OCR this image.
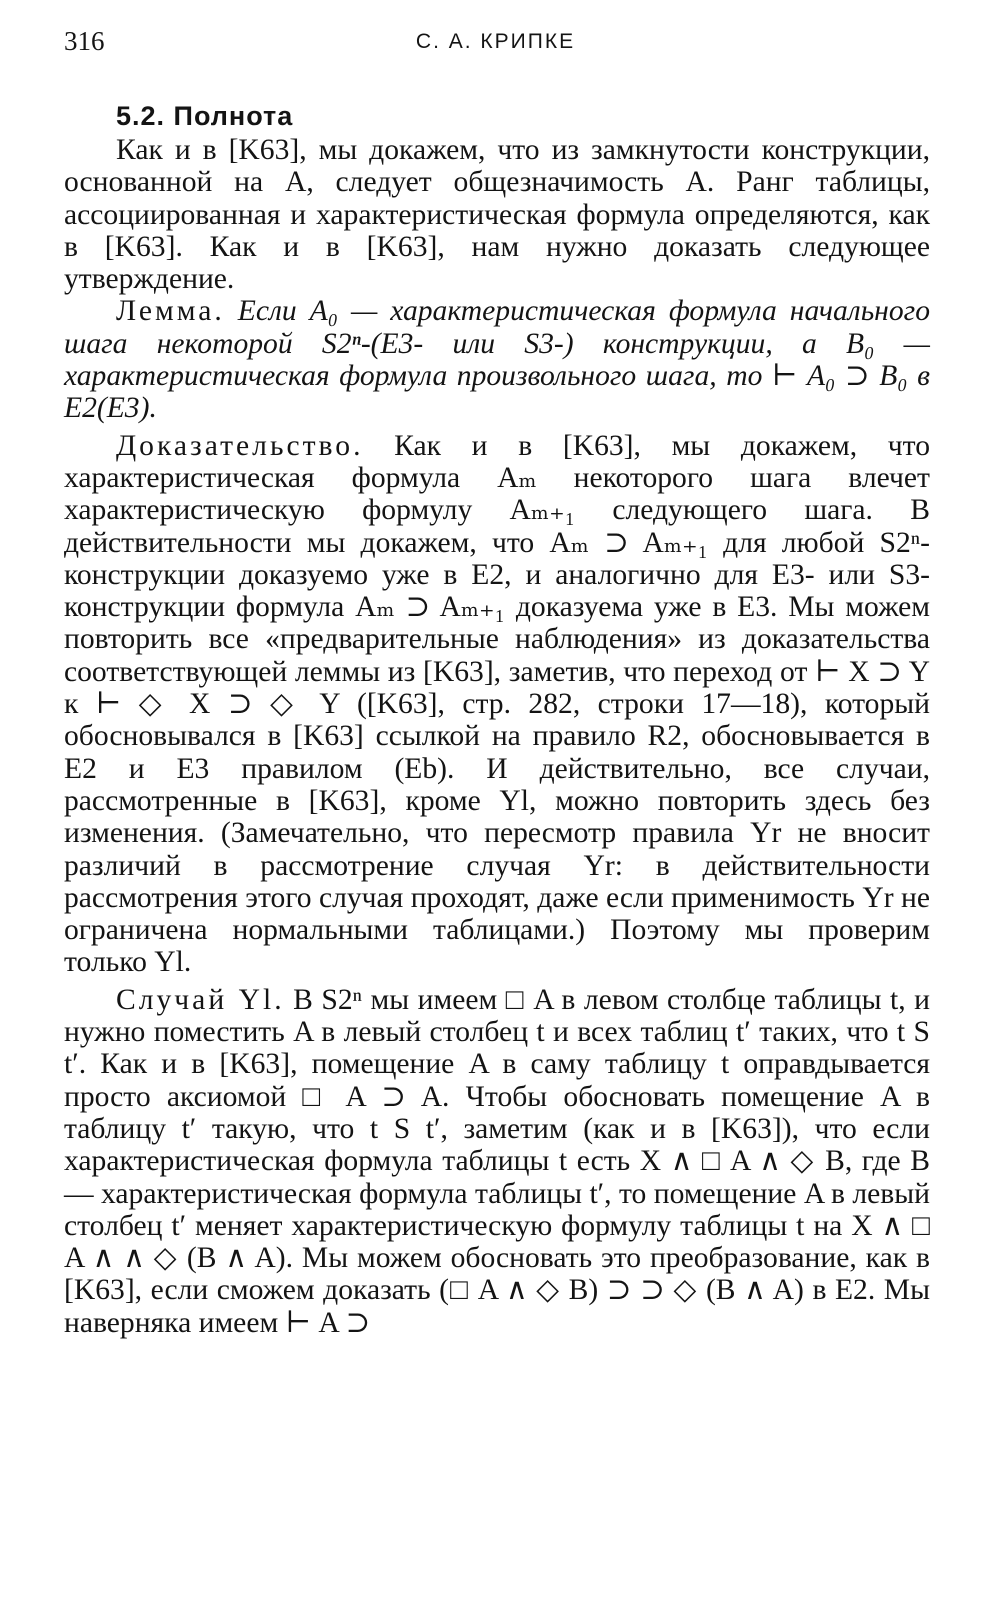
316	С. А. КРИПКЕ
5.2. Полнота

Как и в [K63], мы докажем, что из замкнутости конструкции, основанной на A, следует общезначимость A. Ранг таблицы, ассоциированная и характеристическая формула определяются, как в [K63]. Как и в [K63], нам нужно доказать следующее утверждение.

Лемма. Если A₀ — характеристическая формула начального шага некоторой S2ⁿ-(E3- или S3-) конструкции, а B₀ — характеристическая формула произвольного шага, то ⊢ A₀ ⊃ B₀ в E2(E3).

Доказательство. Как и в [K63], мы докажем, что характеристическая формула Aₘ некоторого шага влечет характеристическую формулу Aₘ₊₁ следующего шага. В действительности мы докажем, что Aₘ ⊃ Aₘ₊₁ для любой S2ⁿ-конструкции доказуемо уже в E2, и аналогично для E3- или S3-конструкции формула Aₘ ⊃ Aₘ₊₁ доказуема уже в E3. Мы можем повторить все «предварительные наблюдения» из доказательства соответствующей леммы из [K63], заметив, что переход от ⊢ X ⊃ Y к ⊢ ◇ X ⊃ ◇ Y ([K63], стр. 282, строки 17—18), который обосновывался в [K63] ссылкой на правило R2, обосновывается в E2 и E3 правилом (Eb). И действительно, все случаи, рассмотренные в [K63], кроме Yl, можно повторить здесь без изменения. (Замечательно, что пересмотр правила Yr не вносит различий в рассмотрение случая Yr: в действительности рассмотрения этого случая проходят, даже если применимость Yr не ограничена нормальными таблицами.) Поэтому мы проверим только Yl.

Случай Yl. В S2ⁿ мы имеем □ A в левом столбце таблицы t, и нужно поместить A в левый столбец t и всех таблиц t′ таких, что t S t′. Как и в [K63], помещение A в саму таблицу t оправдывается просто аксиомой □ A ⊃ A. Чтобы обосновать помещение A в таблицу t′ такую, что t S t′, заметим (как и в [K63]), что если характеристическая формула таблицы t есть X ∧ □ A ∧ ◇ B, где B — характеристическая формула таблицы t′, то помещение A в левый столбец t′ меняет характеристическую формулу таблицы t на X ∧ □ A ∧ ∧ ◇ (B ∧ A). Мы можем обосновать это преобразование, как в [K63], если сможем доказать (□ A ∧ ◇ B) ⊃ ⊃ ◇ (B ∧ A) в E2. Мы наверняка имеем ⊢ A ⊃
